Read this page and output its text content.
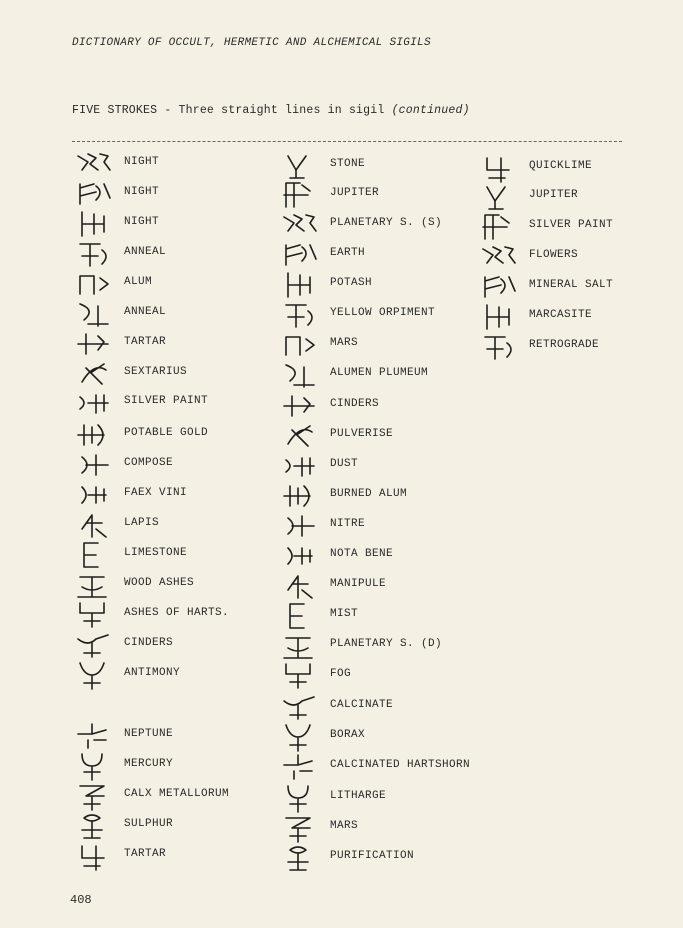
DICTIONARY OF OCCULT, HERMETIC AND ALCHEMICAL SIGILS
FIVE STROKES - Three straight lines in sigil (continued)
NIGHT
NIGHT
NIGHT
ANNEAL
ALUM
ANNEAL
TARTAR
SEXTARIUS
SILVER PAINT
POTABLE GOLD
COMPOSE
FAEX VINI
LAPIS
LIMESTONE
WOOD ASHES
ASHES OF HARTS.
CINDERS
ANTIMONY
NEPTUNE
MERCURY
CALX METALLORUM
SULPHUR
TARTAR
STONE
JUPITER
PLANETARY S. (S)
EARTH
POTASH
YELLOW ORPIMENT
MARS
ALUMEN PLUMEUM
CINDERS
PULVERISE
DUST
BURNED ALUM
NITRE
NOTA BENE
MANIPULE
MIST
PLANETARY S. (D)
FOG
CALCINATE
BORAX
CALCINATED HARTSHORN
LITHARGE
MARS
PURIFICATION
QUICKLIME
JUPITER
SILVER PAINT
FLOWERS
MINERAL SALT
MARCASITE
RETROGRADE
408
